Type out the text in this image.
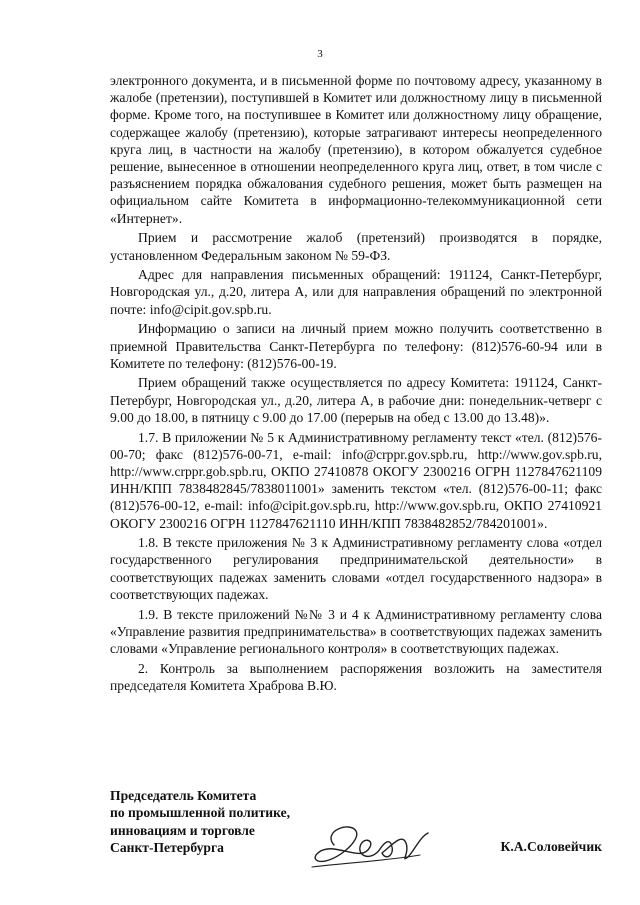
3

электронного документа, и в письменной форме по почтовому адресу, указанному в жалобе (претензии), поступившей в Комитет или должностному лицу в письменной форме. Кроме того, на поступившее в Комитет или должностному лицу обращение, содержащее жалобу (претензию), которые затрагивают интересы неопределенного круга лиц, в частности на жалобу (претензию), в котором обжалуется судебное решение, вынесенное в отношении неопределенного круга лиц, ответ, в том числе с разъяснением порядка обжалования судебного решения, может быть размещен на официальном сайте Комитета в информационно-телекоммуникационной сети «Интернет».

Прием и рассмотрение жалоб (претензий) производятся в порядке, установленном Федеральным законом № 59-ФЗ.

Адрес для направления письменных обращений: 191124, Санкт-Петербург, Новгородская ул., д.20, литера А, или для направления обращений по электронной почте: info@cipit.gov.spb.ru.

Информацию о записи на личный прием можно получить соответственно в приемной Правительства Санкт-Петербурга по телефону: (812)576-60-94 или в Комитете по телефону: (812)576-00-19.

Прием обращений также осуществляется по адресу Комитета: 191124, Санкт-Петербург, Новгородская ул., д.20, литера А, в рабочие дни: понедельник-четверг с 9.00 до 18.00, в пятницу с 9.00 до 17.00 (перерыв на обед с 13.00 до 13.48)».

1.7. В приложении № 5 к Административному регламенту текст «тел. (812)576-00-70; факс (812)576-00-71, e-mail: info@crppr.gov.spb.ru, http://www.gov.spb.ru, http://www.crppr.gob.spb.ru, ОКПО 27410878 ОКОГУ 2300216 ОГРН 1127847621109 ИНН/КПП 7838482845/7838011001» заменить текстом «тел. (812)576-00-11; факс (812)576-00-12, e-mail: info@cipit.gov.spb.ru, http://www.gov.spb.ru, ОКПО 27410921 ОКОГУ 2300216 ОГРН 1127847621110 ИНН/КПП 7838482852/784201001».

1.8. В тексте приложения № 3 к Административному регламенту слова «отдел государственного регулирования предпринимательской деятельности» в соответствующих падежах заменить словами «отдел государственного надзора» в соответствующих падежах.

1.9. В тексте приложений №№ 3 и 4 к Административному регламенту слова «Управление развития предпринимательства» в соответствующих падежах заменить словами «Управление регионального контроля» в соответствующих падежах.

2. Контроль за выполнением распоряжения возложить на заместителя председателя Комитета Храброва В.Ю.

Председатель Комитета
по промышленной политике,
инновациям и торговле
Санкт-Петербурга	К.А.Соловейчик
